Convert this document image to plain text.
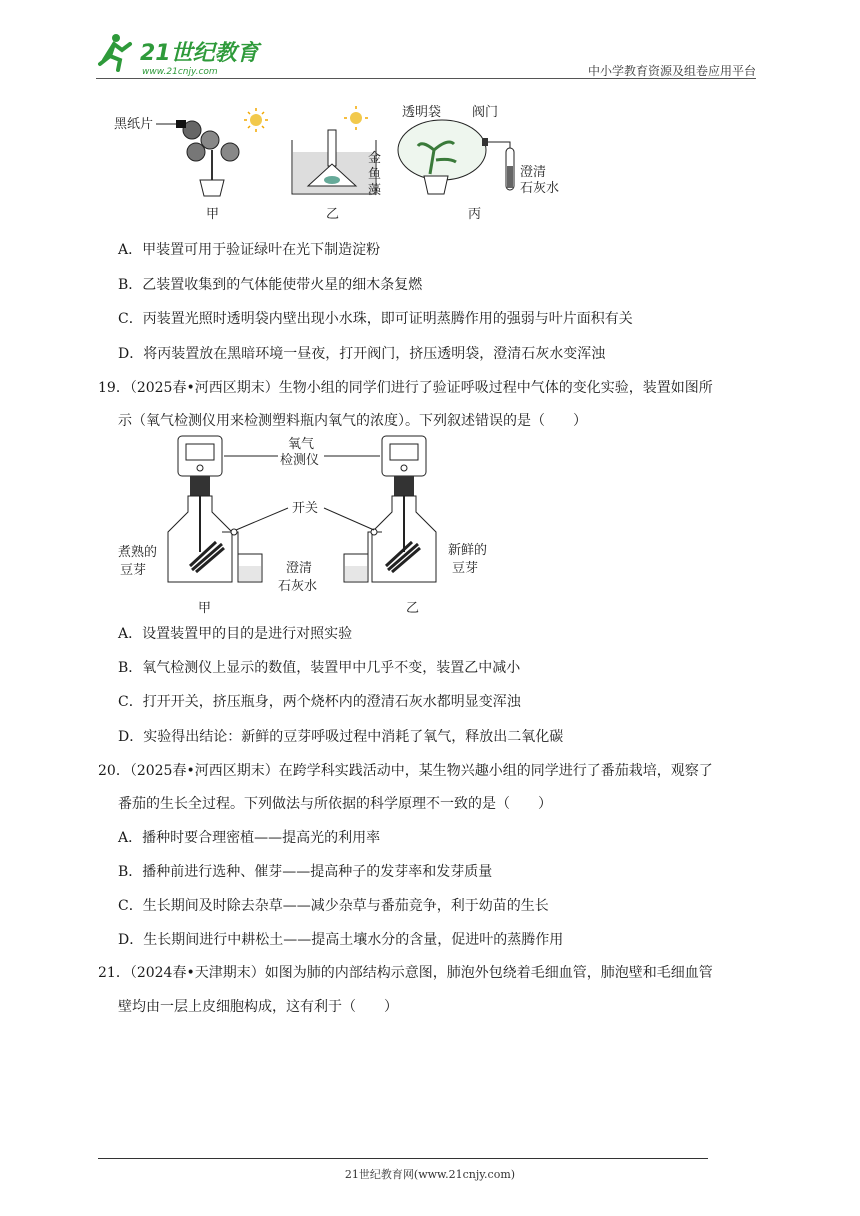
21世纪教育
www.21cnjy.com	中小学教育资源及组卷应用平台
黑纸片
甲
金
鱼
藻
乙
透明袋 阀门
澄清
石灰水
丙
A．甲装置可用于验证绿叶在光下制造淀粉
B．乙装置收集到的气体能使带火星的细木条复燃
C．丙装置光照时透明袋内壁出现小水珠，即可证明蒸腾作用的强弱与叶片面积有关
D．将丙装置放在黑暗环境一昼夜，打开阀门，挤压透明袋，澄清石灰水变浑浊
19．（2025春•河西区期末）生物小组的同学们进行了验证呼吸过程中气体的变化实验，装置如图所
示（氧气检测仪用来检测塑料瓶内氧气的浓度）。下列叙述错误的是（　　）
甲	乙
氧气
检测仪
开关
煮熟的
豆芽	澄清
石灰水
新鲜的
豆芽
A．设置装置甲的目的是进行对照实验
B．氧气检测仪上显示的数值，装置甲中几乎不变，装置乙中减小
C．打开开关，挤压瓶身，两个烧杯内的澄清石灰水都明显变浑浊
D．实验得出结论：新鲜的豆芽呼吸过程中消耗了氧气，释放出二氧化碳
20．（2025春•河西区期末）在跨学科实践活动中，某生物兴趣小组的同学进行了番茄栽培，观察了
番茄的生长全过程。下列做法与所依据的科学原理不一致的是（　　）
A．播种时要合理密植——提高光的利用率
B．播种前进行选种、催芽——提高种子的发芽率和发芽质量
C．生长期间及时除去杂草——减少杂草与番茄竞争，利于幼苗的生长
D．生长期间进行中耕松土——提高土壤水分的含量，促进叶的蒸腾作用
21．（2024春•天津期末）如图为肺的内部结构示意图，肺泡外包绕着毛细血管，肺泡壁和毛细血管
壁均由一层上皮细胞构成，这有利于（　　）
21世纪教育网(www.21cnjy.com)
